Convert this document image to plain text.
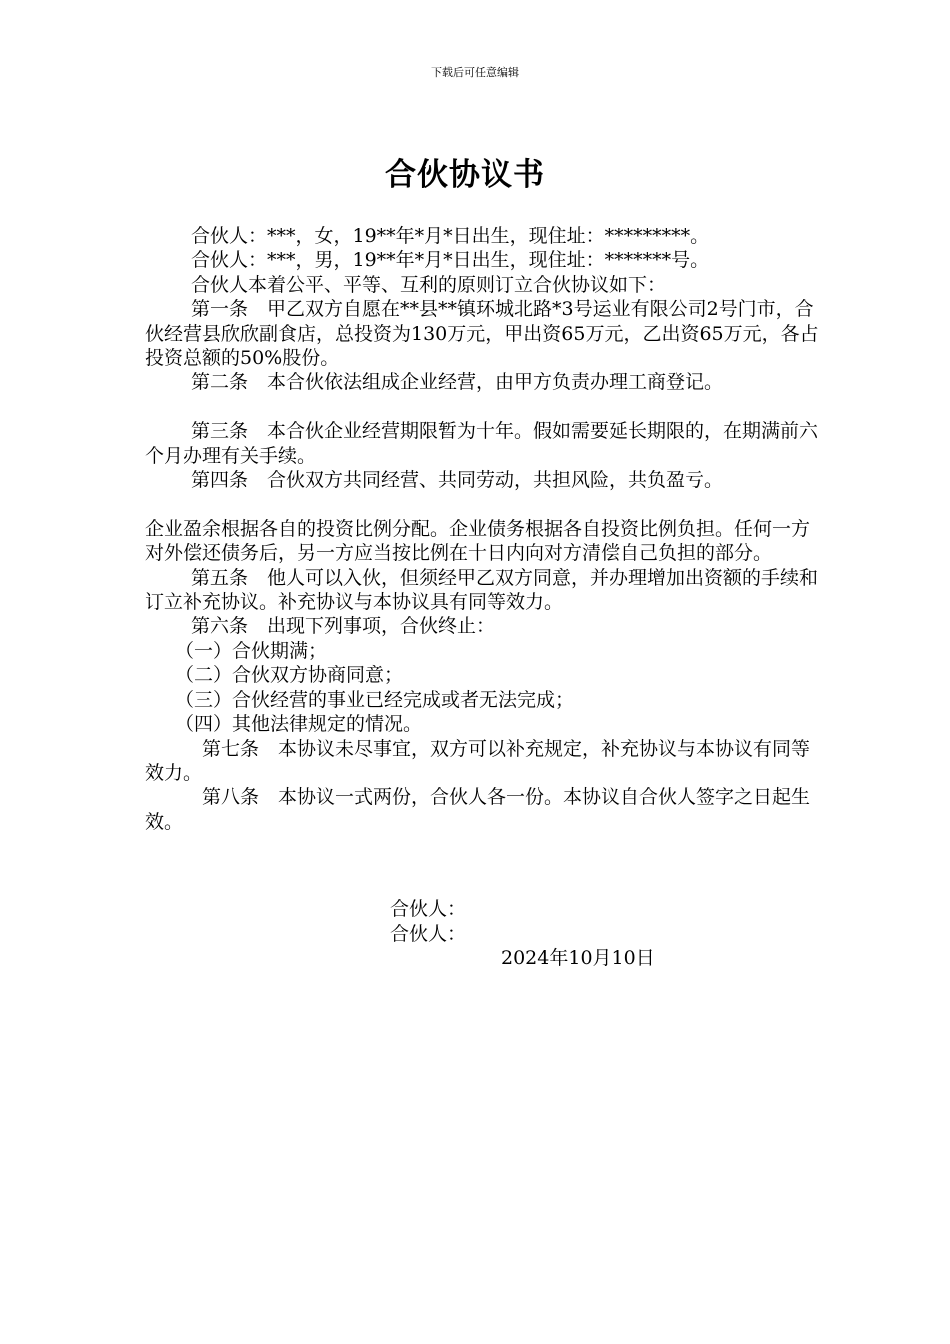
下载后可任意编辑
合伙协议书

合伙人：***，女，19**年*月*日出生，现住址：*********。

合伙人：***，男，19**年*月*日出生，现住址：*******号。

合伙人本着公平、平等、互利的原则订立合伙协议如下：

第一条　甲乙双方自愿在**县**镇环城北路*3号运业有限公司2号门市，合伙经营县欣欣副食店，总投资为130万元，甲出资65万元，乙出资65万元，各占投资总额的50%股份。

第二条　本合伙依法组成企业经营，由甲方负责办理工商登记。

第三条　本合伙企业经营期限暂为十年。假如需要延长期限的，在期满前六个月办理有关手续。

第四条　合伙双方共同经营、共同劳动，共担风险，共负盈亏。

企业盈余根据各自的投资比例分配。企业债务根据各自投资比例负担。任何一方对外偿还债务后，另一方应当按比例在十日内向对方清偿自己负担的部分。

第五条　他人可以入伙，但须经甲乙双方同意，并办理增加出资额的手续和订立补充协议。补充协议与本协议具有同等效力。

第六条　出现下列事项，合伙终止：

（一）合伙期满；

（二）合伙双方协商同意；

（三）合伙经营的事业已经完成或者无法完成；

（四）其他法律规定的情况。

第七条　本协议未尽事宜，双方可以补充规定，补充协议与本协议有同等效力。

第八条　本协议一式两份，合伙人各一份。本协议自合伙人签字之日起生效。

合伙人：
合伙人：
2024年10月10日
